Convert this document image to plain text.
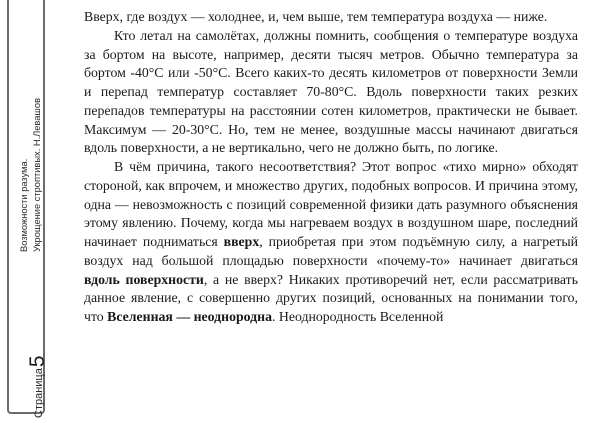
Страница5
Возможности разума. Укрощение строптивых. Н.Левашов

Вверх, где воздух — холоднее, и, чем выше, тем температура воздуха — ниже.

Кто летал на самолётах, должны помнить, сообщения о температуре воздуха за бортом на высоте, например, десяти тысяч метров. Обычно температура за бортом -40°С или -50°С. Всего каких-то десять километров от поверхности Земли и перепад температур составляет 70-80°С. Вдоль поверхности таких резких перепадов температуры на расстоянии сотен километров, практически не бывает. Максимум — 20-30°С. Но, тем не менее, воздушные массы начинают двигаться вдоль поверхности, а не вертикально, чего не должно быть, по логике.

В чём причина, такого несоответствия? Этот вопрос «тихо мирно» обходят стороной, как впрочем, и множество других, подобных вопросов. И причина этому, одна — невозможность с позиций современной физики дать разумного объяснения этому явлению. Почему, когда мы нагреваем воздух в воздушном шаре, последний начинает подниматься вверх, приобретая при этом подъёмную силу, а нагретый воздух над большой площадью поверхности «почему-то» начинает двигаться вдоль поверхности, а не вверх? Никаких противоречий нет, если рассматривать данное явление, с совершенно других позиций, основанных на понимании того, что Вселенная — неоднородна. Неоднородность Вселенной
